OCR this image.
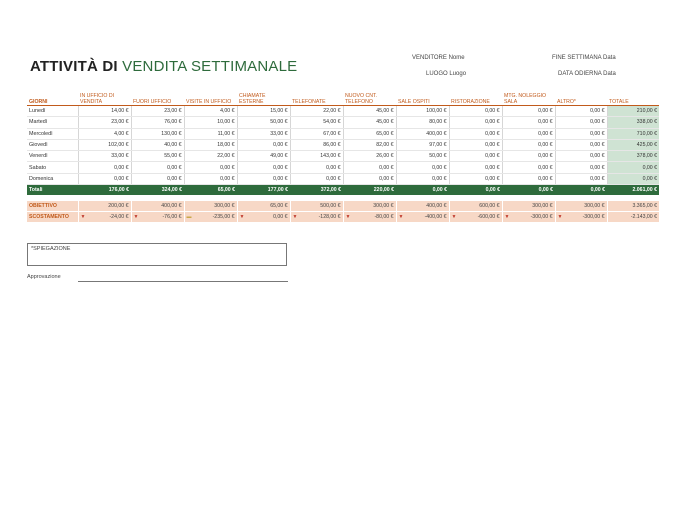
ATTIVITÀ DI VENDITA SETTIMANALE	VENDITORE Nome
LUOGO Luogo
FINE SETTIMANA Data
DATA ODIERNA Data
GIORNI	IN UFFICIO DI VENDITA	FUORI UFFICIO	VISITE IN UFFICIO	CHIAMATE ESTERNE	TELEFONATE	NUOVO CNT. TELEFONO	SALE OSPITI	RISTORAZIONE	MTG. NOLEGGIO SALA	ALTRO*	TOTALE
Lunedì	14,00 €	23,00 €	4,00 €	15,00 €	22,00 €	45,00 €	100,00 €	0,00 €	0,00 €	0,00 €	210,00 €
Martedì	23,00 €	76,00 €	10,00 €	50,00 €	54,00 €	45,00 €	80,00 €	0,00 €	0,00 €	0,00 €	338,00 €
Mercoledì	4,00 €	130,00 €	11,00 €	33,00 €	67,00 €	65,00 €	400,00 €	0,00 €	0,00 €	0,00 €	710,00 €
Giovedì	102,00 €	40,00 €	18,00 €	0,00 €	86,00 €	82,00 €	97,00 €	0,00 €	0,00 €	0,00 €	425,00 €
Venerdì	33,00 €	55,00 €	22,00 €	49,00 €	143,00 €	26,00 €	50,00 €	0,00 €	0,00 €	0,00 €	378,00 €
Sabato	0,00 €	0,00 €	0,00 €	0,00 €	0,00 €	0,00 €	0,00 €	0,00 €	0,00 €	0,00 €	0,00 €
Domenica	0,00 €	0,00 €	0,00 €	0,00 €	0,00 €	0,00 €	0,00 €	0,00 €	0,00 €	0,00 €	0,00 €
Totali	176,00 €	324,00 €	65,00 €	177,00 €	372,00 €	220,00 €	0,00 €	0,00 €	0,00 €	0,00 €	2.061,00 €
OBIETTIVO	200,00 €	400,00 €	300,00 €	65,00 €	500,00 €	300,00 €	400,00 €	600,00 €	300,00 €	300,00 €	3.365,00 €
SCOSTAMENTO	▼ -24,00 €	▼ -76,00 €	▬ -235,00 €	▼ 0,00 €	▼ -128,00 €	▼ -80,00 €	▼ -400,00 €	▼ -600,00 €	▼ -300,00 €	▼ -300,00 €	-2.143,00 €
*SPIEGAZIONE
Approvazione
